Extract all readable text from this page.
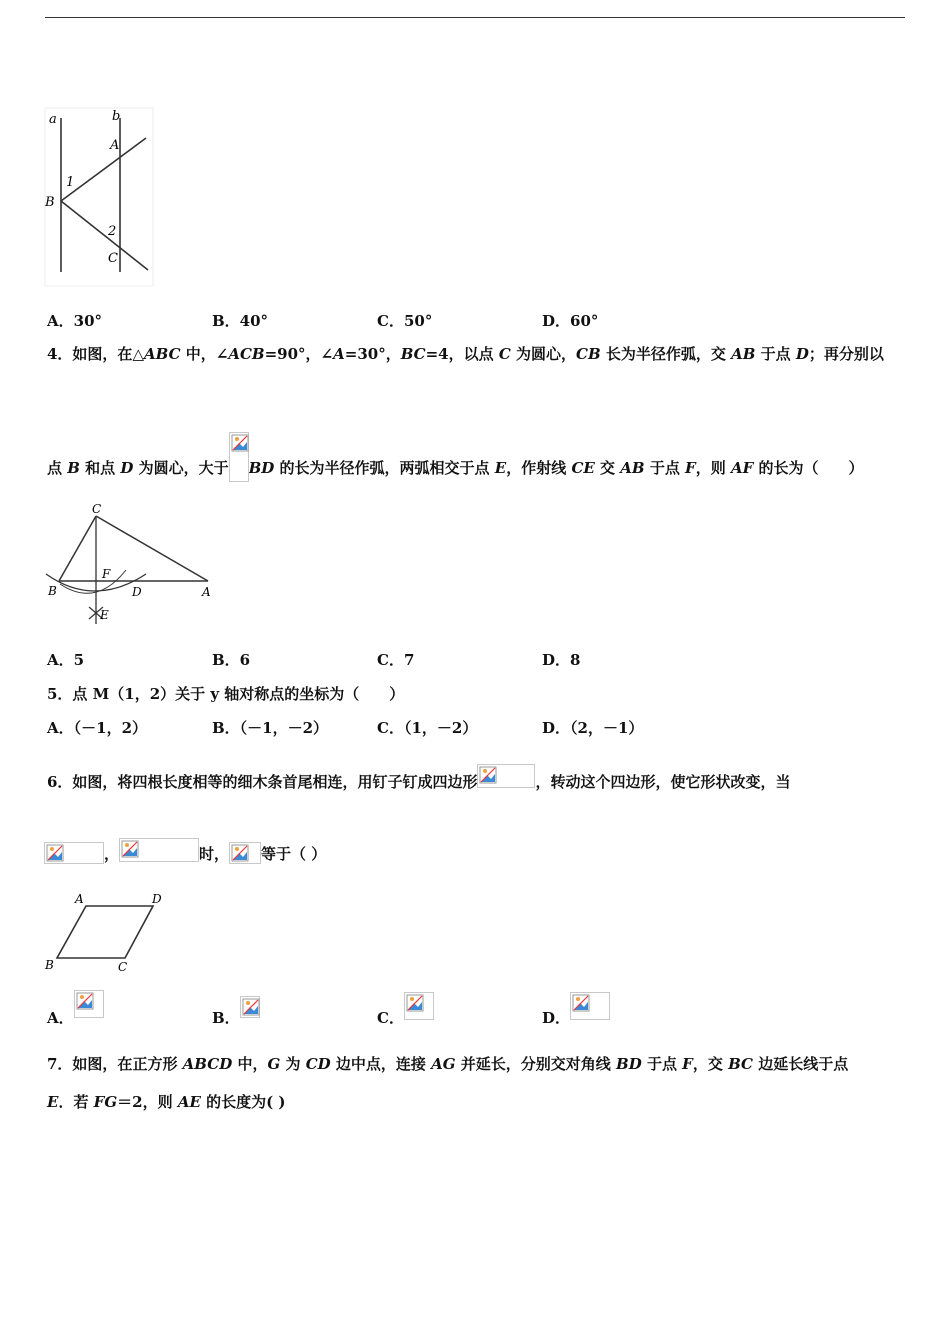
a	b
A
1
B
2
C
A．30°	B．40°	C．50°	D．60°
4．如图，在△ABC 中，∠ACB=90°，∠A=30°，BC=4，以点 C 为圆心，CB 长为半径作弧，交 AB 于点 D；再分别以
点 B 和点 D 为圆心，大于 BD 的长为半径作弧，两弧相交于点 E，作射线 CE 交 AB 于点 F，则 AF 的长为（　　）
C
F
B	D	A
E
A．5	B．6	C．7	D．8
5．点 M（1，2）关于 y 轴对称点的坐标为（　　）
A．（－1，2）	B．（－1，－2）	C．（1，－2）	D．（2，－1）
6．如图，将四根长度相等的细木条首尾相连，用钉子钉成四边形	，转动这个四边形，使它形状改变，当
，	时， 等于（ ）
A	D
B	C
A．	B．	C．	D．
7．如图，在正方形 ABCD 中，G 为 CD 边中点，连接 AG 并延长，分别交对角线 BD 于点 F，交 BC 边延长线于点
E．若 FG＝2，则 AE 的长度为( )
